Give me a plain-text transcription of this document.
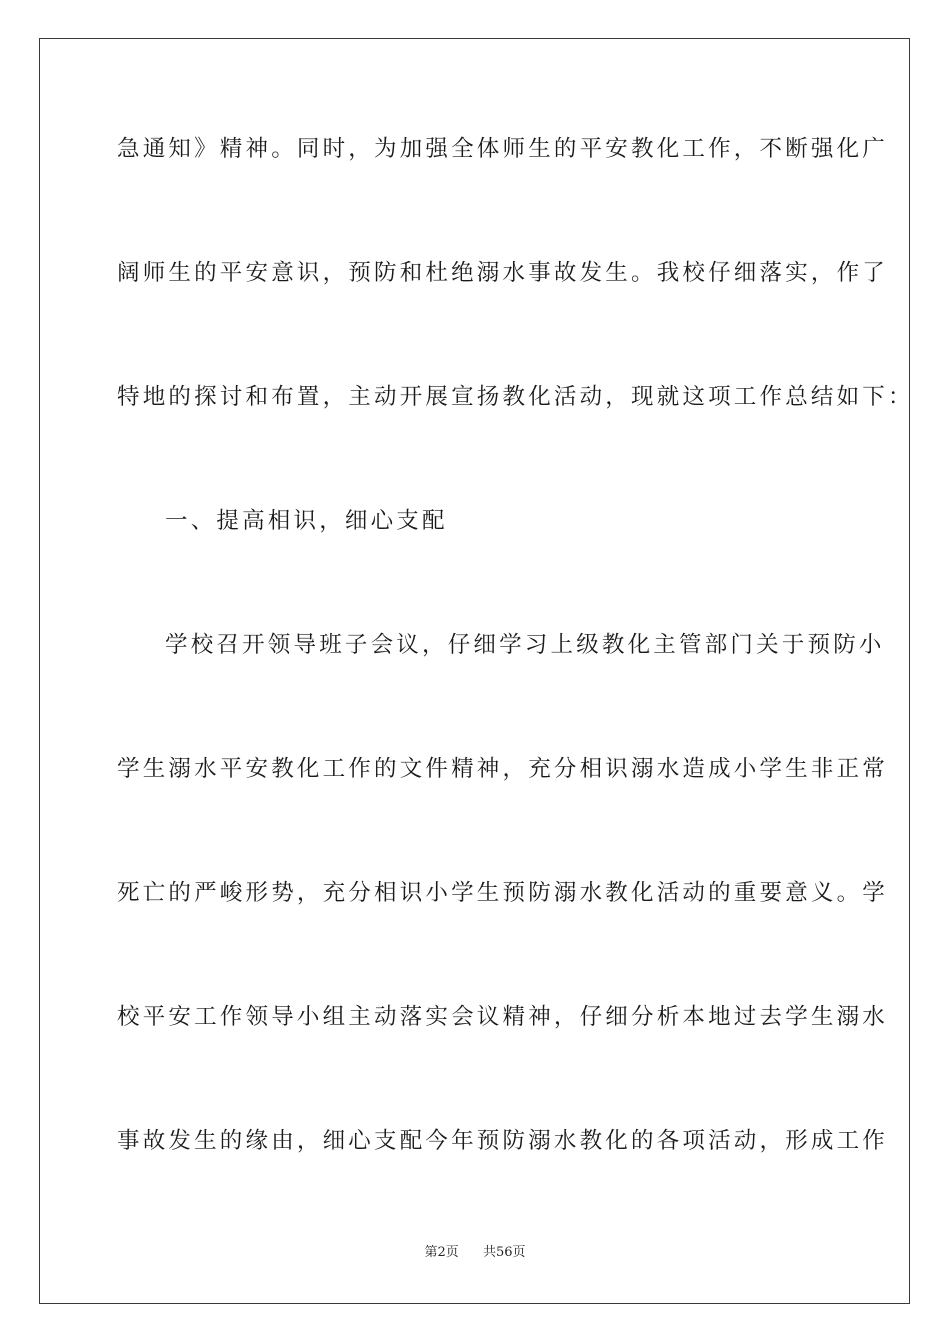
急通知》精神。同时，为加强全体师生的平安教化工作，不断强化广
阔师生的平安意识，预防和杜绝溺水事故发生。我校仔细落实，作了
特地的探讨和布置，主动开展宣扬教化活动，现就这项工作总结如下：
一、提高相识，细心支配
学校召开领导班子会议，仔细学习上级教化主管部门关于预防小
学生溺水平安教化工作的文件精神，充分相识溺水造成小学生非正常
死亡的严峻形势，充分相识小学生预防溺水教化活动的重要意义。学
校平安工作领导小组主动落实会议精神，仔细分析本地过去学生溺水
事故发生的缘由，细心支配今年预防溺水教化的各项活动，形成工作
第2页 共56页
